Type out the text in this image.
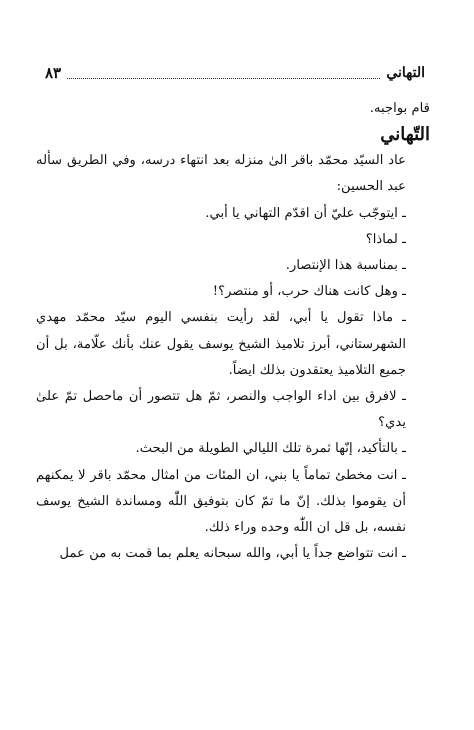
التهاني
٨٣

قام بواجبه.

التّهاني

عاد السيّد محمّد باقر الیٰ منزله بعد انتهاء درسه، وفي الطريق سأله عبد الحسين:

ـ ايتوجّب عليّ أن اقدّم التهاني يا أبي.

ـ لماذا؟

ـ بمناسبة هذا الإنتصار.

ـ وهل كانت هناك حرب، أو منتصر؟!

ـ ماذا تقول يا أبي، لقد رأيت بنفسي اليوم سيّد محمّد مهدي الشهرستاني، أبرز تلاميذ الشيخ يوسف يقول عنك بأنك علّامة، بل أن جميع التلاميذ يعتقدون بذلك ايضاً.

ـ لافرق بين اداء الواجب والنصر، ثمّ هل تتصور أن ماحصل تمّ علیٰ يدي؟

ـ بالتأكيد، إنّها ثمرة تلك الليالي الطويلة من البحث.

ـ انت مخطئ تماماً يا بني، ان المئات من امثال محمّد باقر لا يمكنهم أن يقوموا بذلك. إنّ ما تمّ كان بتوفيق اللّٰه ومساندة الشيخ يوسف نفسه، بل قل ان اللّٰه وحده وراء ذلك.

ـ انت تتواضع جداً يا أبي، والله سبحانه يعلم بما قمت به من عمل
